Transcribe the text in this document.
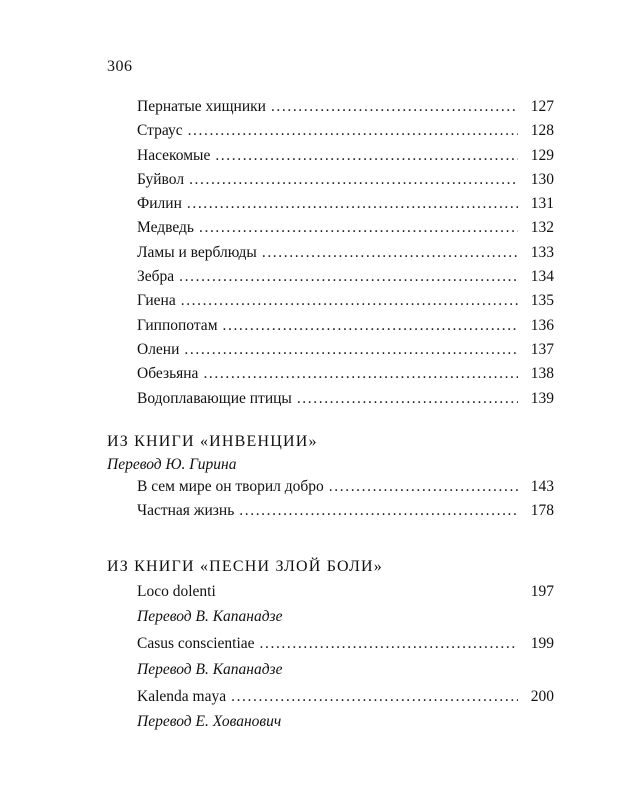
306
Пернатые хищники .....	127
Страус .....	128
Насекомые .....	129
Буйвол .....	130
Филин .....	131
Медведь .....	132
Ламы и верблюды .....	133
Зебра .....	134
Гиена .....	135
Гиппопотам .....	136
Олени .....	137
Обезьяна .....	138
Водоплавающие птицы .....	139
ИЗ КНИГИ «ИНВЕНЦИИ»
Перевод Ю. Гирина
В сем мире он творил добро .....	143
Частная жизнь .....	178
ИЗ КНИГИ «ПЕСНИ ЗЛОЙ БОЛИ»
Loco dolenti	197
Перевод В. Капанадзе
Casus conscientiae .....	199
Перевод В. Капанадзе
Kalenda maya .....	200
Перевод Е. Хованович
